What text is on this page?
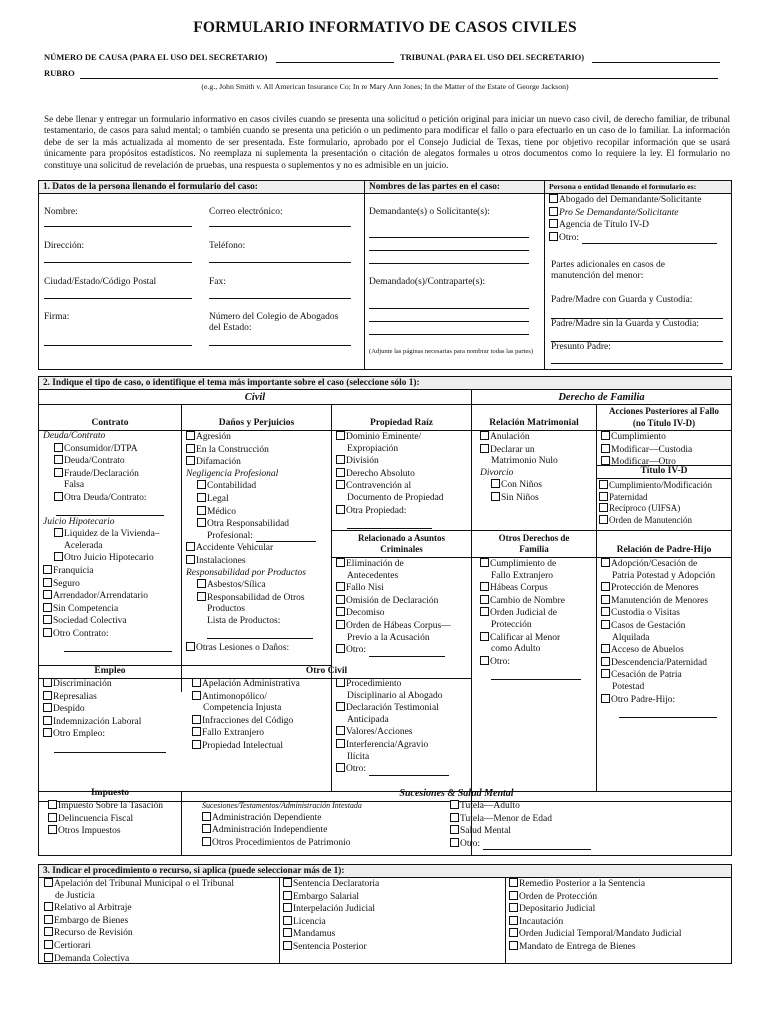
FORMULARIO INFORMATIVO DE CASOS CIVILES
NÚMERO DE CAUSA (PARA EL USO DEL SECRETARIO)	TRIBUNAL (PARA EL USO DEL SECRETARIO)
RUBRO
(e.g., John Smith v. All American Insurance Co; In re Mary Ann Jones; In the Matter of the Estate of George Jackson)
Se debe llenar y entregar un formulario informativo en casos civiles cuando se presenta una solicitud o petición original para iniciar un nuevo caso civil, de derecho familiar, de tribunal testamentario, de casos para salud mental; o también cuando se presenta una petición o un pedimento para modificar el fallo o para efectuarlo en un caso de lo familiar. La información debe de ser la más actualizada al momento de ser presentada. Este formulario, aprobado por el Consejo Judicial de Texas, tiene por objetivo recopilar información que se usará únicamente para propósitos estadísticos. No reemplaza ni suplementa la presentación o citación de alegatos formales u otros documentos como lo requiere la ley. El formulario no constituye una solicitud de revelación de pruebas, una respuesta o suplementos y no es admisible en un juicio.
1. Datos de la persona llenando el formulario del caso:	Nombres de las partes en el caso:
Nombre:	Correo electrónico:
Dirección:	Teléfono:
Ciudad/Estado/Código Postal	Fax:
Firma:	Número del Colegio de Abogados
del Estado:
Demandante(s) o Solicitante(s):
Demandado(s)/Contraparte(s):
(Adjunte las páginas necesarias para nombrar todas las partes)
Persona o entidad llenando el formulario es:
Abogado del Demandante/Solicitante
Pro Se Demandante/Solicitante
Agencia de Título IV-D
Otro:
Partes adicionales en casos de
manutención del menor:
Padre/Madre con Guarda y Custodia:
Padre/Madre sin la Guarda y Custodia:
Presunto Padre:
2. Indique el tipo de caso, o identifique el tema más importante sobre el caso (seleccione sólo 1):
Civil	Derecho de Familia
Contrato
Deuda/Contrato
Consumidor/DTPA
Deuda/Contrato
Fraude/Declaración
Falsa
Otra Deuda/Contrato:
Juicio Hipotecario
Liquidez de la Vivienda–
Acelerada
Otro Juicio Hipotecario
Franquicia
Seguro
Arrendador/Arrendatario
Sin Competencia
Sociedad Colectiva
Otro Contrato:
Daños y Perjuicios
Agresión
En la Construcción
Difamación
Negligencia Profesional
Contabilidad
Legal
Médico
Otra Responsabilidad
Profesional:
Accidente Vehicular
Instalaciones
Responsabilidad por Productos
Asbestos/Sílica
Responsabilidad de Otros
Productos
Lista de Productos:
Otras Lesiones o Daños:
Propiedad Raíz
Dominio Eminente/
Expropiación
División
Derecho Absoluto
Contravención al
Documento de Propiedad
Otra Propiedad:
Relacionado a Asuntos
Criminales
Eliminación de
Antecedentes
Fallo Nisi
Omisión de Declaración
Decomiso
Orden de Hábeas Corpus—
Previo a la Acusación
Otro:
Empleo
Discriminación
Represalias
Despido
Indemnización Laboral
Otro Empleo:
Otro Civil
Apelación Administrativa
Antimonopólico/
Competencia Injusta
Infracciones del Código
Fallo Extranjero
Propiedad Intelectual
Procedimiento
Disciplinario al Abogado
Declaración Testimonial
Anticipada
Valores/Acciones
Interferencia/Agravio
Ilícita
Otro:
Relación Matrimonial
Anulación
Declarar un
Matrimonio Nulo
Divorcio
Con Niños
Sin Niños
Otros Derechos de
Familia
Cumplimiento de
Fallo Extranjero
Hábeas Corpus
Cambio de Nombre
Orden Judicial de
Protección
Calificar al Menor
como Adulto
Otro:
Acciones Posteriores al Fallo
(no Título IV-D)
Cumplimiento
Modificar—Custodia
Modificar—Otro
Título IV-D
Cumplimiento/Modificación
Paternidad
Recíproco (UIFSA)
Orden de Manutención
Relación de Padre-Hijo
Adopción/Cesación de
Patria Potestad y Adopción
Protección de Menores
Manutención de Menores
Custodia o Visitas
Casos de Gestación
Alquilada
Acceso de Abuelos
Descendencia/Paternidad
Cesación de Patria
Potestad
Otro Padre-Hijo:
Impuesto
Impuesto Sobre la Tasación
Delincuencia Fiscal
Otros Impuestos
Sucesiones & Salud Mental
Sucesiones/Testamentos/Administración Intestada
Administración Dependiente
Administración Independiente
Otros Procedimientos de Patrimonio
Tutela—Adulto
Tutela—Menor de Edad
Salud Mental
Otro:
3. Indicar el procedimiento o recurso, si aplica (puede seleccionar más de 1):
Apelación del Tribunal Municipal o el Tribunal
de Justicia
Relativo al Arbitraje
Embargo de Bienes
Recurso de Revisión
Certiorari
Demanda Colectiva
Sentencia Declaratoria
Embargo Salarial
Interpelación Judicial
Licencia
Mandamus
Sentencia Posterior
Remedio Posterior a la Sentencia
Orden de Protección
Depositario Judicial
Incautación
Orden Judicial Temporal/Mandato Judicial
Mandato de Entrega de Bienes
